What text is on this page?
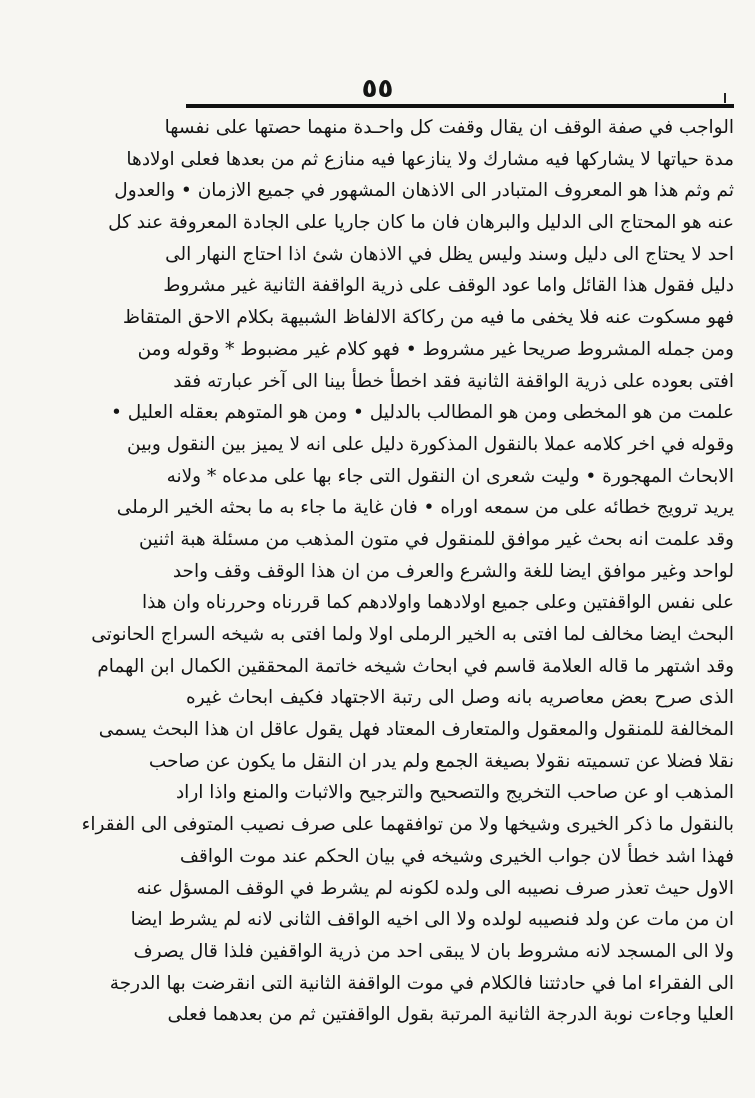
٥٥
الواجب في صفة الوقف ان يقال وقفت كل واحـدة منهما حصتها على نفسها
مدة حياتها لا يشاركها فيه مشارك ولا ينازعها فيه منازع ثم من بعدها فعلى اولادها
ثم وثم هذا هو المعروف المتبادر الى الاذهان المشهور في جميع الازمان • والعدول
عنه هو المحتاج الى الدليل والبرهان فان ما كان جاريا على الجادة المعروفة عند كل
احد لا يحتاج الى دليل وسند وليس يظل في الاذهان شئ اذا احتاج النهار الى
دليل فقول هذا القائل واما عود الوقف على ذرية الواقفة الثانية غير مشروط
فهو مسكوت عنه فلا يخفى ما فيه من ركاكة الالفاظ الشبيهة بكلام الاحق المتقاظ
ومن جمله المشروط صريحا غير مشروط • فهو كلام غير مضبوط * وقوله ومن
افتى بعوده على ذرية الواقفة الثانية فقد اخطأ خطأ بينا الى آخر عبارته فقد
علمت من هو المخطى ومن هو المطالب بالدليل • ومن هو المتوهم بعقله العليل •
وقوله في اخر كلامه عملا بالنقول المذكورة دليل على انه لا يميز بين النقول وبين
الابحاث المهجورة • وليت شعرى ان النقول التى جاء بها على مدعاه * ولانه
يريد ترويج خطائه على من سمعه اوراه • فان غاية ما جاء به ما بحثه الخير الرملى
وقد علمت انه بحث غير موافق للمنقول في متون المذهب من مسئلة هبة اثنين
لواحد وغير موافق ايضا للغة والشرع والعرف من ان هذا الوقف وقف واحد
على نفس الواقفتين وعلى جميع اولادهما واولادهم كما قررناه وحررناه وان هذا
البحث ايضا مخالف لما افتى به الخير الرملى اولا ولما افتى به شيخه السراج الحانوتى
وقد اشتهر ما قاله العلامة قاسم في ابحاث شيخه خاتمة المحققين الكمال ابن الهمام
الذى صرح بعض معاصريه بانه وصل الى رتبة الاجتهاد فكيف ابحاث غيره
المخالفة للمنقول والمعقول والمتعارف المعتاد فهل يقول عاقل ان هذا البحث يسمى
نقلا فضلا عن تسميته نقولا بصيغة الجمع ولم يدر ان النقل ما يكون عن صاحب
المذهب او عن صاحب التخريج والتصحيح والترجيح والاثبات والمنع واذا اراد
بالنقول ما ذكر الخيرى وشيخها ولا من توافقهما على صرف نصيب المتوفى الى الفقراء
فهذا اشد خطأ لان جواب الخيرى وشيخه في بيان الحكم عند موت الواقف
الاول حيث تعذر صرف نصيبه الى ولده لكونه لم يشرط في الوقف المسؤل عنه
ان من مات عن ولد فنصيبه لولده ولا الى اخيه الواقف الثانى لانه لم يشرط ايضا
ولا الى المسجد لانه مشروط بان لا يبقى احد من ذرية الواقفين فلذا قال يصرف
الى الفقراء اما في حادثتنا فالكلام في موت الواقفة الثانية التى انقرضت بها الدرجة
العليا وجاءت نوبة الدرجة الثانية المرتبة بقول الواقفتين ثم من بعدهما فعلى
